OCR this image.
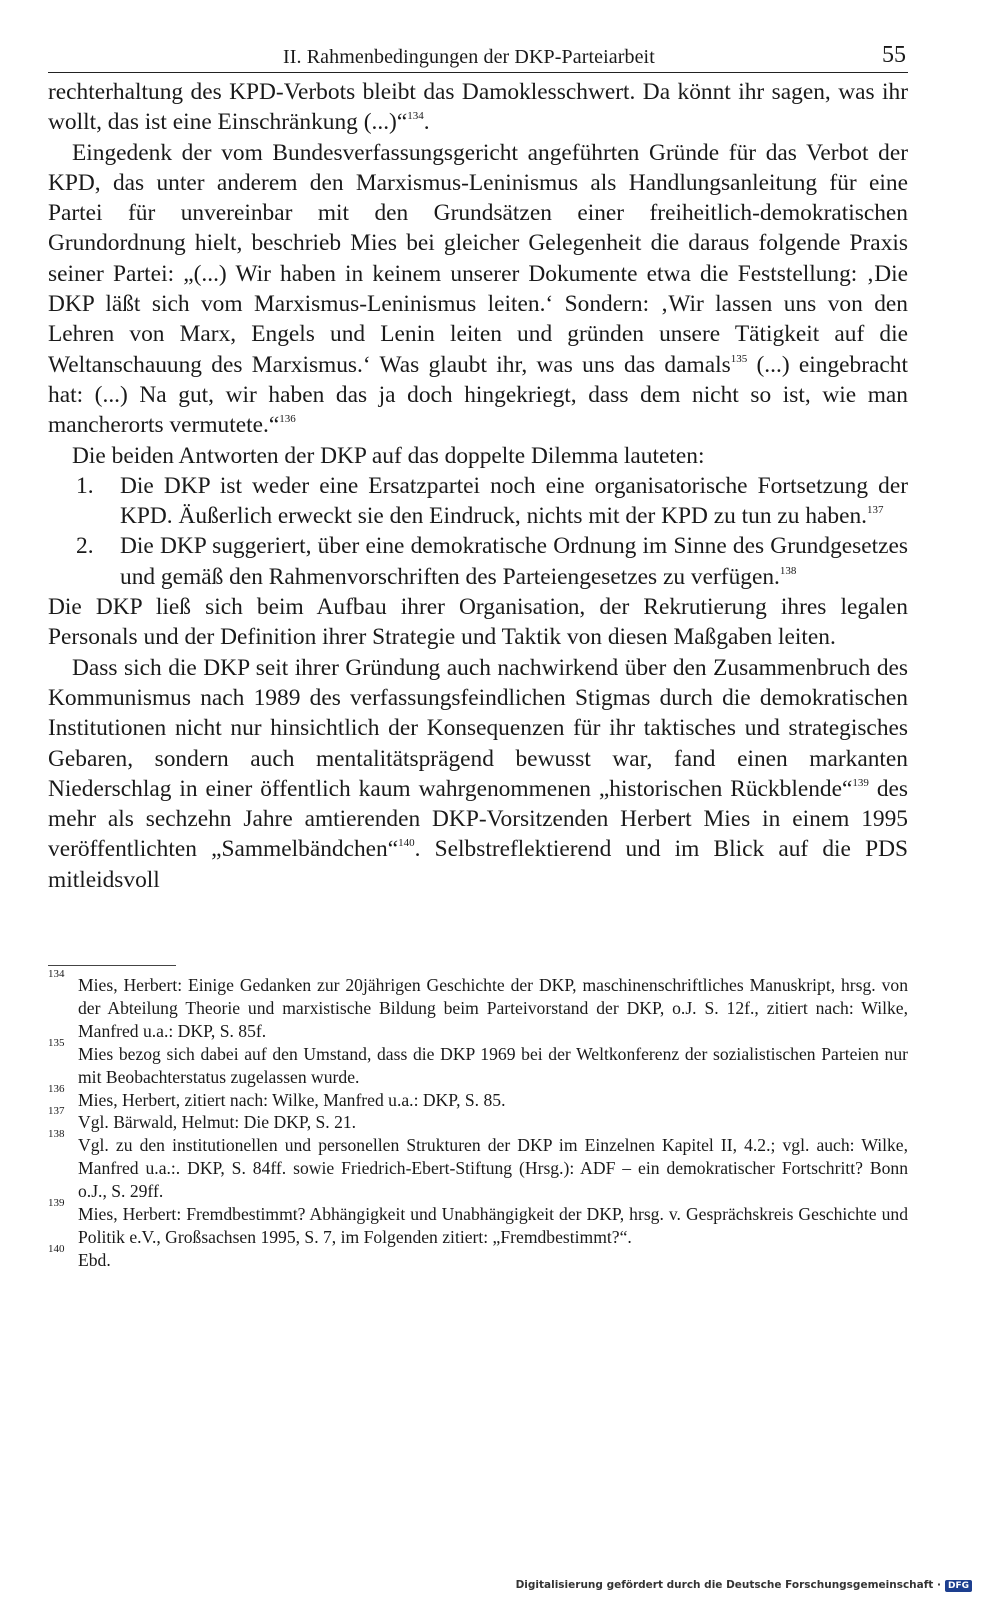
II. Rahmenbedingungen der DKP-Parteiarbeit	55

rechterhaltung des KPD-Verbots bleibt das Damoklesschwert. Da könnt ihr sagen, was ihr wollt, das ist eine Einschränkung (...)“$^{134}$.

Eingedenk der vom Bundesverfassungsgericht angeführten Gründe für das Verbot der KPD, das unter anderem den Marxismus-Leninismus als Handlungsanleitung für eine Partei für unvereinbar mit den Grundsätzen einer freiheitlich-demokratischen Grundordnung hielt, beschrieb Mies bei gleicher Gelegenheit die daraus folgende Praxis seiner Partei: „(...) Wir haben in keinem unserer Dokumente etwa die Feststellung: ‚Die DKP läßt sich vom Marxismus-Leninismus leiten.‘ Sondern: ‚Wir lassen uns von den Lehren von Marx, Engels und Lenin leiten und gründen unsere Tätigkeit auf die Weltanschauung des Marxismus.‘ Was glaubt ihr, was uns das damals$^{135}$ (...) eingebracht hat: (...) Na gut, wir haben das ja doch hingekriegt, dass dem nicht so ist, wie man mancherorts vermutete.“$^{136}$

Die beiden Antworten der DKP auf das doppelte Dilemma lauteten:

1. Die DKP ist weder eine Ersatzpartei noch eine organisatorische Fortsetzung der KPD. Äußerlich erweckt sie den Eindruck, nichts mit der KPD zu tun zu haben.$^{137}$
2. Die DKP suggeriert, über eine demokratische Ordnung im Sinne des Grundgesetzes und gemäß den Rahmenvorschriften des Parteiengesetzes zu verfügen.$^{138}$

Die DKP ließ sich beim Aufbau ihrer Organisation, der Rekrutierung ihres legalen Personals und der Definition ihrer Strategie und Taktik von diesen Maßgaben leiten.

Dass sich die DKP seit ihrer Gründung auch nachwirkend über den Zusammenbruch des Kommunismus nach 1989 des verfassungsfeindlichen Stigmas durch die demokratischen Institutionen nicht nur hinsichtlich der Konsequenzen für ihr taktisches und strategisches Gebaren, sondern auch mentalitätsprägend bewusst war, fand einen markanten Niederschlag in einer öffentlich kaum wahrgenommenen „historischen Rückblende“$^{139}$ des mehr als sechzehn Jahre amtierenden DKP-Vorsitzenden Herbert Mies in einem 1995 veröffentlichten „Sammelbändchen“$^{140}$. Selbstreflektierend und im Blick auf die PDS mitleidsvoll

134
Mies, Herbert: Einige Gedanken zur 20jährigen Geschichte der DKP, maschinenschriftliches Manuskript, hrsg. von der Abteilung Theorie und marxistische Bildung beim Parteivorstand der DKP, o.J. S. 12f., zitiert nach: Wilke, Manfred u.a.: DKP, S. 85f.
135
Mies bezog sich dabei auf den Umstand, dass die DKP 1969 bei der Weltkonferenz der sozialistischen Parteien nur mit Beobachterstatus zugelassen wurde.
136
Mies, Herbert, zitiert nach: Wilke, Manfred u.a.: DKP, S. 85.
137
Vgl. Bärwald, Helmut: Die DKP, S. 21.
138
Vgl. zu den institutionellen und personellen Strukturen der DKP im Einzelnen Kapitel II, 4.2.; vgl. auch: Wilke, Manfred u.a.:. DKP, S. 84ff. sowie Friedrich-Ebert-Stiftung (Hrsg.): ADF – ein demokratischer Fortschritt? Bonn o.J., S. 29ff.
139
Mies, Herbert: Fremdbestimmt? Abhängigkeit und Unabhängigkeit der DKP, hrsg. v. Gesprächskreis Geschichte und Politik e.V., Großsachsen 1995, S. 7, im Folgenden zitiert: „Fremdbestimmt?“.
140
Ebd.
Digitalisierung gefördert durch die Deutsche Forschungsgemeinschaft · DFG
